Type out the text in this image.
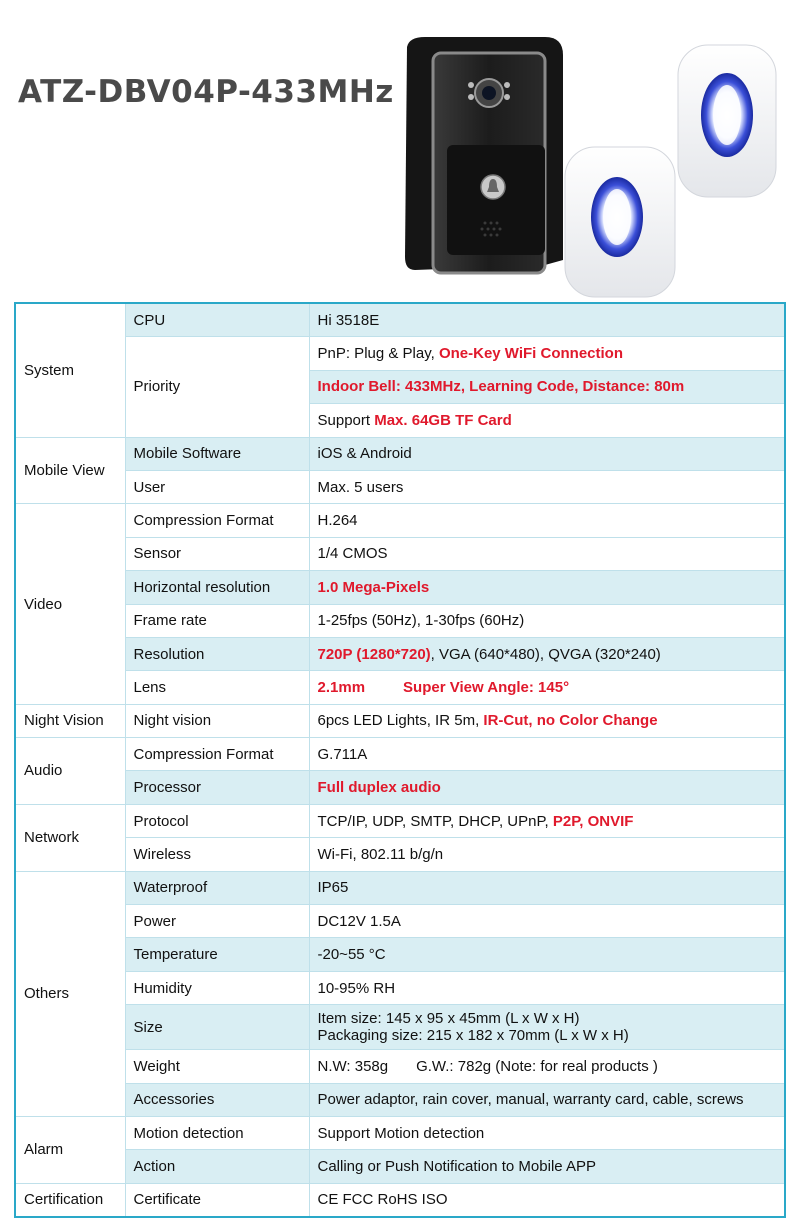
ATZ-DBV04P-433MHz
System	CPU	Hi 3518E
	Priority	PnP: Plug & Play, One-Key WiFi Connection
		Indoor Bell: 433MHz, Learning Code, Distance: 80m
		Support Max. 64GB TF Card
Mobile View	Mobile Software	iOS & Android
	User	Max. 5 users
Video	Compression Format	H.264
	Sensor	1/4 CMOS
	Horizontal resolution	1.0 Mega-Pixels
	Frame rate	1-25fps (50Hz), 1-30fps (60Hz)
	Resolution	720P (1280*720), VGA (640*480), QVGA (320*240)
	Lens	2.1mm Super View Angle: 145°
Night Vision	Night vision	6pcs LED Lights, IR 5m, IR-Cut, no Color Change
Audio	Compression Format	G.711A
	Processor	Full duplex audio
Network	Protocol	TCP/IP, UDP, SMTP, DHCP, UPnP, P2P, ONVIF
	Wireless	Wi-Fi, 802.11 b/g/n
Others	Waterproof	IP65
	Power	DC12V 1.5A
	Temperature	-20~55 °C
	Humidity	10-95% RH
	Size	Item size: 145 x 95 x 45mm (L x W x H)
Packaging size: 215 x 182 x 70mm (L x W x H)

	Weight	N.W: 358g G.W.: 782g (Note: for real products )
	Accessories	Power adaptor, rain cover, manual, warranty card, cable, screws
Alarm	Motion detection	Support Motion detection
	Action	Calling or Push Notification to Mobile APP
Certification	Certificate	CE FCC RoHS ISO
